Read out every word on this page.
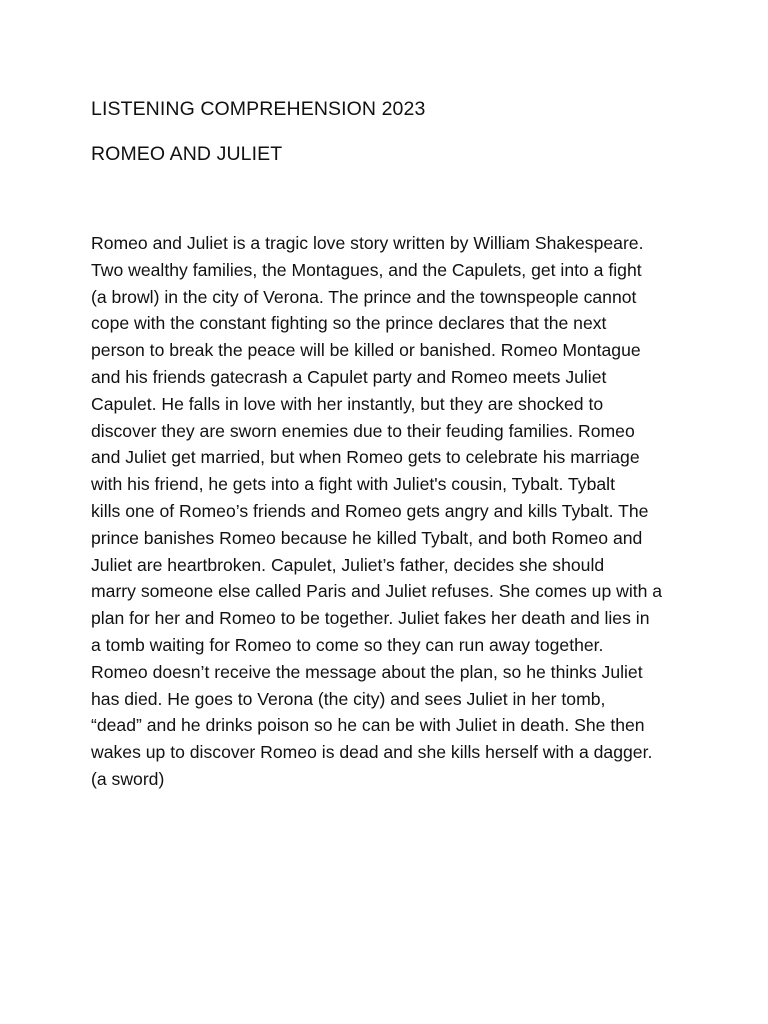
LISTENING COMPREHENSION 2023
ROMEO AND JULIET

Romeo and Juliet is a tragic love story written by William Shakespeare.
Two wealthy families, the Montagues, and the Capulets, get into a fight
(a browl) in the city of Verona. The prince and the townspeople cannot
cope with the constant fighting so the prince declares that the next
person to break the peace will be killed or banished. Romeo Montague
and his friends gatecrash a Capulet party and Romeo meets Juliet
Capulet. He falls in love with her instantly, but they are shocked to
discover they are sworn enemies due to their feuding families. Romeo
and Juliet get married, but when Romeo gets to celebrate his marriage
with his friend, he gets into a fight with Juliet's cousin, Tybalt. Tybalt
kills one of Romeo’s friends and Romeo gets angry and kills Tybalt. The
prince banishes Romeo because he killed Tybalt, and both Romeo and
Juliet are heartbroken. Capulet, Juliet’s father, decides she should
marry someone else called Paris and Juliet refuses. She comes up with a
plan for her and Romeo to be together. Juliet fakes her death and lies in
a tomb waiting for Romeo to come so they can run away together.
Romeo doesn’t receive the message about the plan, so he thinks Juliet
has died. He goes to Verona (the city) and sees Juliet in her tomb,
“dead” and he drinks poison so he can be with Juliet in death. She then
wakes up to discover Romeo is dead and she kills herself with a dagger.
(a sword)
